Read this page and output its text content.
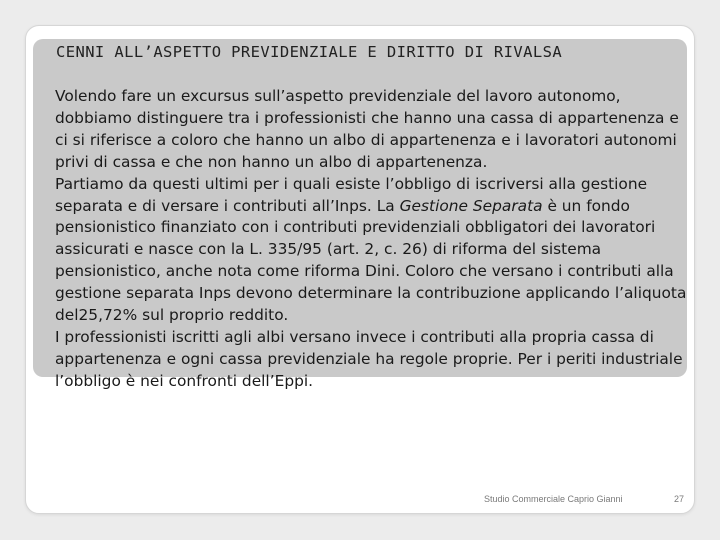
CENNI ALL’ASPETTO PREVIDENZIALE E DIRITTO DI RIVALSA

Volendo fare un excursus sull’aspetto previdenziale del lavoro autonomo, dobbiamo distinguere tra i professionisti che hanno una cassa di appartenenza e ci si riferisce a coloro che hanno un albo di appartenenza e i lavoratori autonomi privi di cassa e che non hanno un albo di appartenenza.

Partiamo da questi ultimi per i quali esiste l’obbligo di iscriversi alla gestione separata e di versare i contributi all’Inps. La Gestione Separata è un fondo pensionistico finanziato con i contributi previdenziali obbligatori dei lavoratori assicurati e nasce con la L. 335/95 (art. 2, c. 26) di riforma del sistema pensionistico, anche nota come riforma Dini. Coloro che versano i contributi alla gestione separata Inps devono determinare la contribuzione applicando l’aliquota del25,72% sul proprio reddito.

I professionisti iscritti agli albi versano invece i contributi alla propria cassa di appartenenza e ogni cassa previdenziale ha regole proprie. Per i periti industriale l’obbligo è nei confronti dell’Eppi.

Studio Commerciale Caprio Gianni	27
